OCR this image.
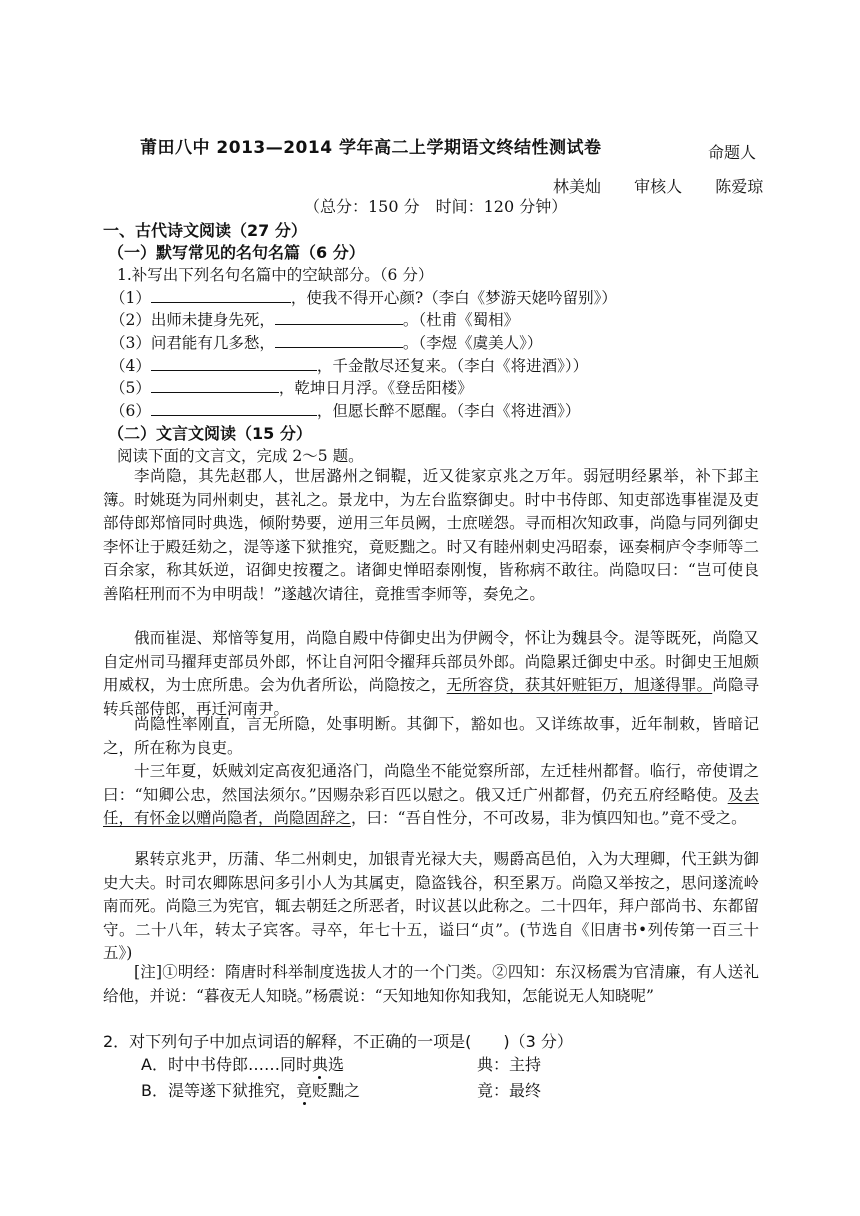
莆田八中 2013—2014 学年高二上学期语文终结性测试卷	命题人
林美灿 审核人 陈爱琼
（总分：150 分　时间：120 分钟）
一、古代诗文阅读（27 分）
（一）默写常见的名句名篇（6 分）
1.补写出下列名句名篇中的空缺部分。（6 分）
（1）	，使我不得开心颜?（李白《梦游天姥吟留别》）
（2）出师未捷身先死，	。（杜甫《蜀相》
（3）问君能有几多愁，	。（李煜《虞美人》）
（4）	，千金散尽还复来。（李白《将进酒》））
（5）	，乾坤日月浮。《登岳阳楼》
（6）	，但愿长醉不愿醒。（李白《将进酒》）
（二）文言文阅读（15 分）
阅读下面的文言文，完成 2～5 题。
李尚隐，其先赵郡人，世居潞州之铜鞮，近又徙家京兆之万年。弱冠明经累举，补下邽主簿。时姚珽为同州刺史，甚礼之。景龙中，为左台监察御史。时中书侍郎、知吏部选事崔湜及吏部侍郎郑愔同时典选，倾附势要，逆用三年员阙，士庶嗟怨。寻而相次知政事，尚隐与同列御史李怀让于殿廷劾之，湜等遂下狱推究，竟贬黜之。时又有睦州刺史冯昭泰，诬奏桐庐令李师等二百余家，称其妖逆，诏御史按覆之。诸御史惮昭泰刚愎，皆称病不敢往。尚隐叹曰：“岂可使良善陷枉刑而不为申明哉！”遂越次请往，竟推雪李师等，奏免之。
俄而崔湜、郑愔等复用，尚隐自殿中侍御史出为伊阙令，怀让为魏县令。湜等既死，尚隐又自定州司马擢拜吏部员外郎，怀让自河阳令擢拜兵部员外郎。尚隐累迁御史中丞。时御史王旭颇用威权，为士庶所患。会为仇者所讼，尚隐按之，无所容贷，获其奸赃钜万，旭遂得罪。尚隐寻转兵部侍郎，再迁河南尹。
尚隐性率刚直，言无所隐，处事明断。其御下，豁如也。又详练故事，近年制敕，皆暗记之，所在称为良吏。
十三年夏，妖贼刘定高夜犯通洛门，尚隐坐不能觉察所部，左迁桂州都督。临行，帝使谓之曰：“知卿公忠，然国法须尔。”因赐杂彩百匹以慰之。俄又迁广州都督，仍充五府经略使。及去任，有怀金以赠尚隐者，尚隐固辞之，曰：“吾自性分，不可改易，非为慎四知也。”竟不受之。
累转京兆尹，历蒲、华二州刺史，加银青光禄大夫，赐爵高邑伯，入为大理卿，代王鉷为御史大夫。时司农卿陈思问多引小人为其属吏，隐盗钱谷，积至累万。尚隐又举按之，思问遂流岭南而死。尚隐三为宪官，辄去朝廷之所恶者，时议甚以此称之。二十四年，拜户部尚书、东都留守。二十八年，转太子宾客。寻卒，年七十五，谥曰“贞”。(节选自《旧唐书•列传第一百三十五》)
[注]①明经：隋唐时科举制度选拔人才的一个门类。②四知：东汉杨震为官清廉，有人送礼给他，并说：“暮夜无人知晓。”杨震说：“天知地知你知我知，怎能说无人知晓呢”
2．对下列句子中加点词语的解释，不正确的一项是(　　)（3 分）
A．时中书侍郎……同时典选	典：主持
B．湜等遂下狱推究，竟贬黜之	竟：最终
